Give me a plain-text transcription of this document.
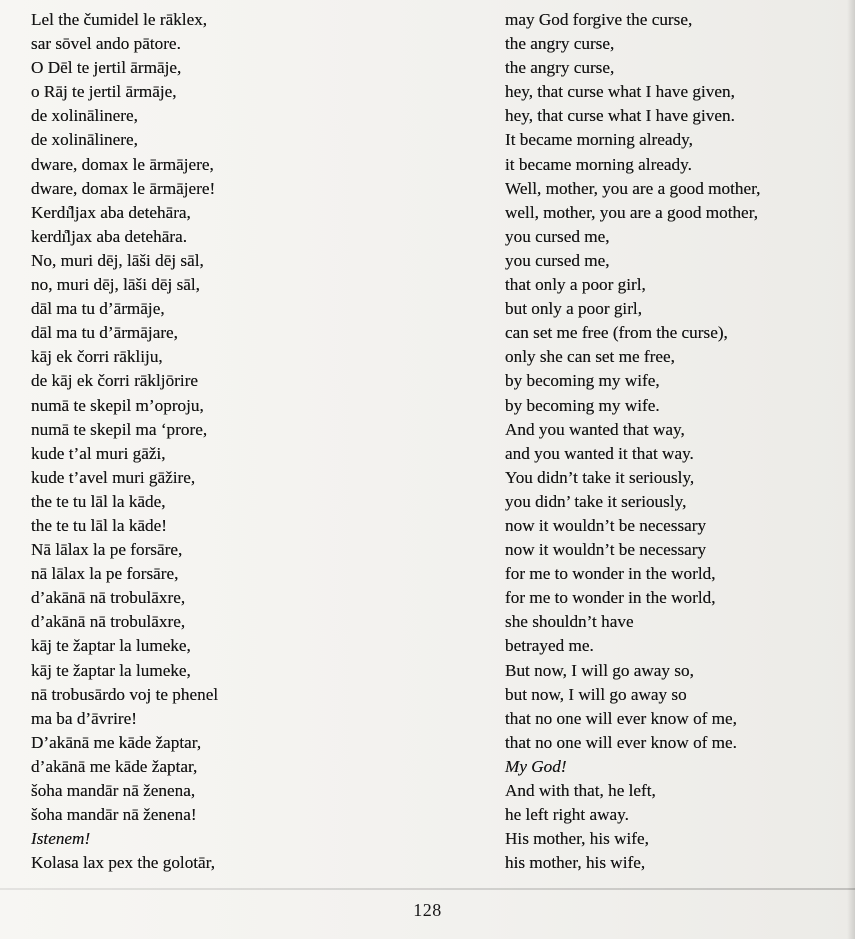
Lel the čumidel le rāklex,
sar sōvel ando pātore.
O Dēl te jertil ārmāje,
o Rāj te jertil ārmāje,
de xolinālinere,
de xolinālinere,
dware, domax le ārmājere,
dware, domax le ārmājere!
Kerdı̊ljax aba detehāra,
kerdı̊ljax aba detehāra.
No, muri dēj, lāši dēj sāl,
no, muri dēj, lāši dēj sāl,
dāl ma tu d’ārmāje,
dāl ma tu d’ārmājare,
kāj ek čorri rākliju,
de kāj ek čorri rākljōrire
numā te skepil m’oproju,
numā te skepil ma ‘prore,
kude t’al muri gāži,
kude t’avel muri gāžire,
the te tu lāl la kāde,
the te tu lāl la kāde!
Nā lālax la pe forsāre,
nā lālax la pe forsāre,
d’akānā nā trobulāxre,
d’akānā nā trobulāxre,
kāj te žaptar la lumeke,
kāj te žaptar la lumeke,
nā trobusārdo voj te phenel
ma ba d’āvrire!
D’akānā me kāde žaptar,
d’akānā me kāde žaptar,
šoha mandār nā ženena,
šoha mandār nā ženena!
Istenem!
Kolasa lax pex the golotār,
may God forgive the curse,
the angry curse,
the angry curse,
hey, that curse what I have given,
hey, that curse what I have given.
It became morning already,
it became morning already.
Well, mother, you are a good mother,
well, mother, you are a good mother,
you cursed me,
you cursed me,
that only a poor girl,
but only a poor girl,
can set me free (from the curse),
only she can set me free,
by becoming my wife,
by becoming my wife.
And you wanted that way,
and you wanted it that way.
You didn’t take it seriously,
you didn’ take it seriously,
now it wouldn’t be necessary
now it wouldn’t be necessary
for me to wonder in the world,
for me to wonder in the world,
she shouldn’t have
betrayed me.
But now, I will go away so,
but now, I will go away so
that no one will ever know of me,
that no one will ever know of me.
My God!
And with that, he left,
he left right away.
His mother, his wife,
his mother, his wife,
128
